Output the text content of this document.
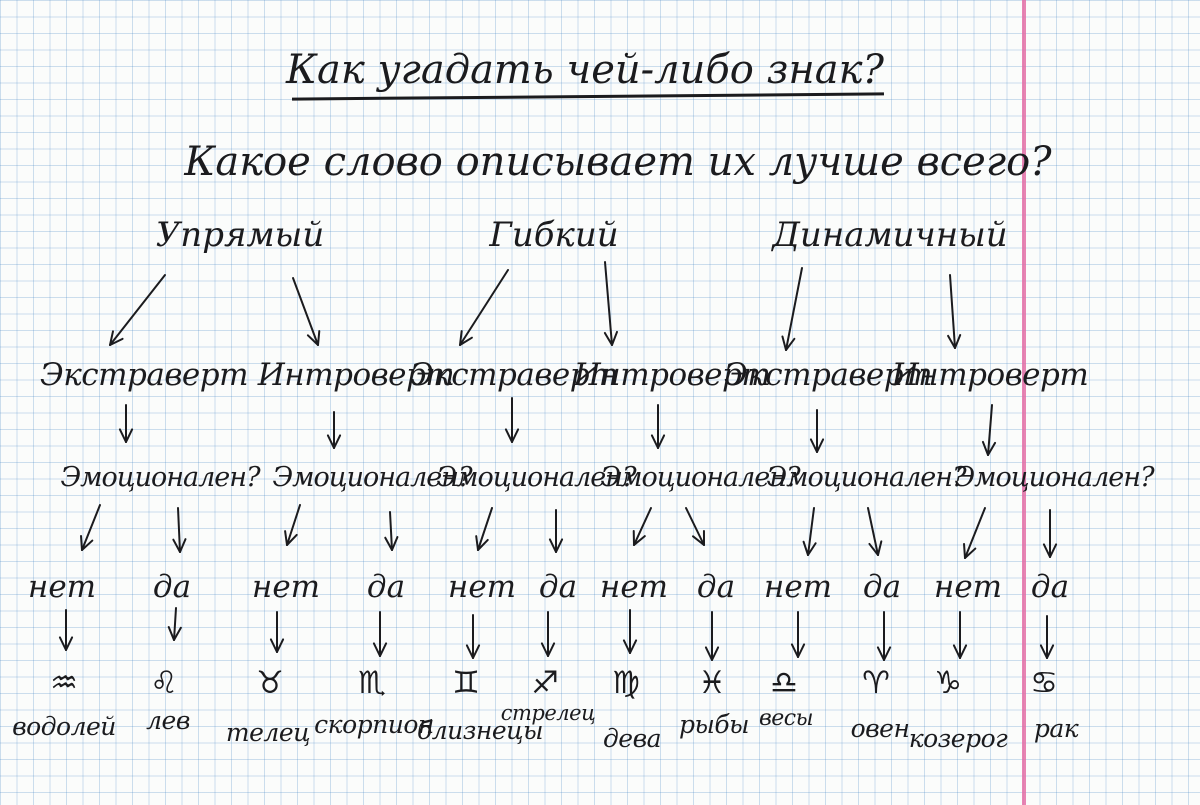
Как угадать чей-либо знак?
Какое слово описывает их лучше всего?
Упрямый	Гибкий	Динамичный
Экстраверт Интроверт
Экстраверт
Интроверт
Экстраверт
Интроверт
Эмоционален? Эмоционален?
Эмоционален?
Эмоционален?
Эмоционален?
Эмоционален?
нет да нет да нет да нет да нет да нет да
♒ ♌	♉ ♏ ♊ ♐ ♍ ♓ ♎ ♈ ♑ ♋
водолей лев телец скорпион
близнецы
стрелец
дева рыбы весы овен козерог рак
